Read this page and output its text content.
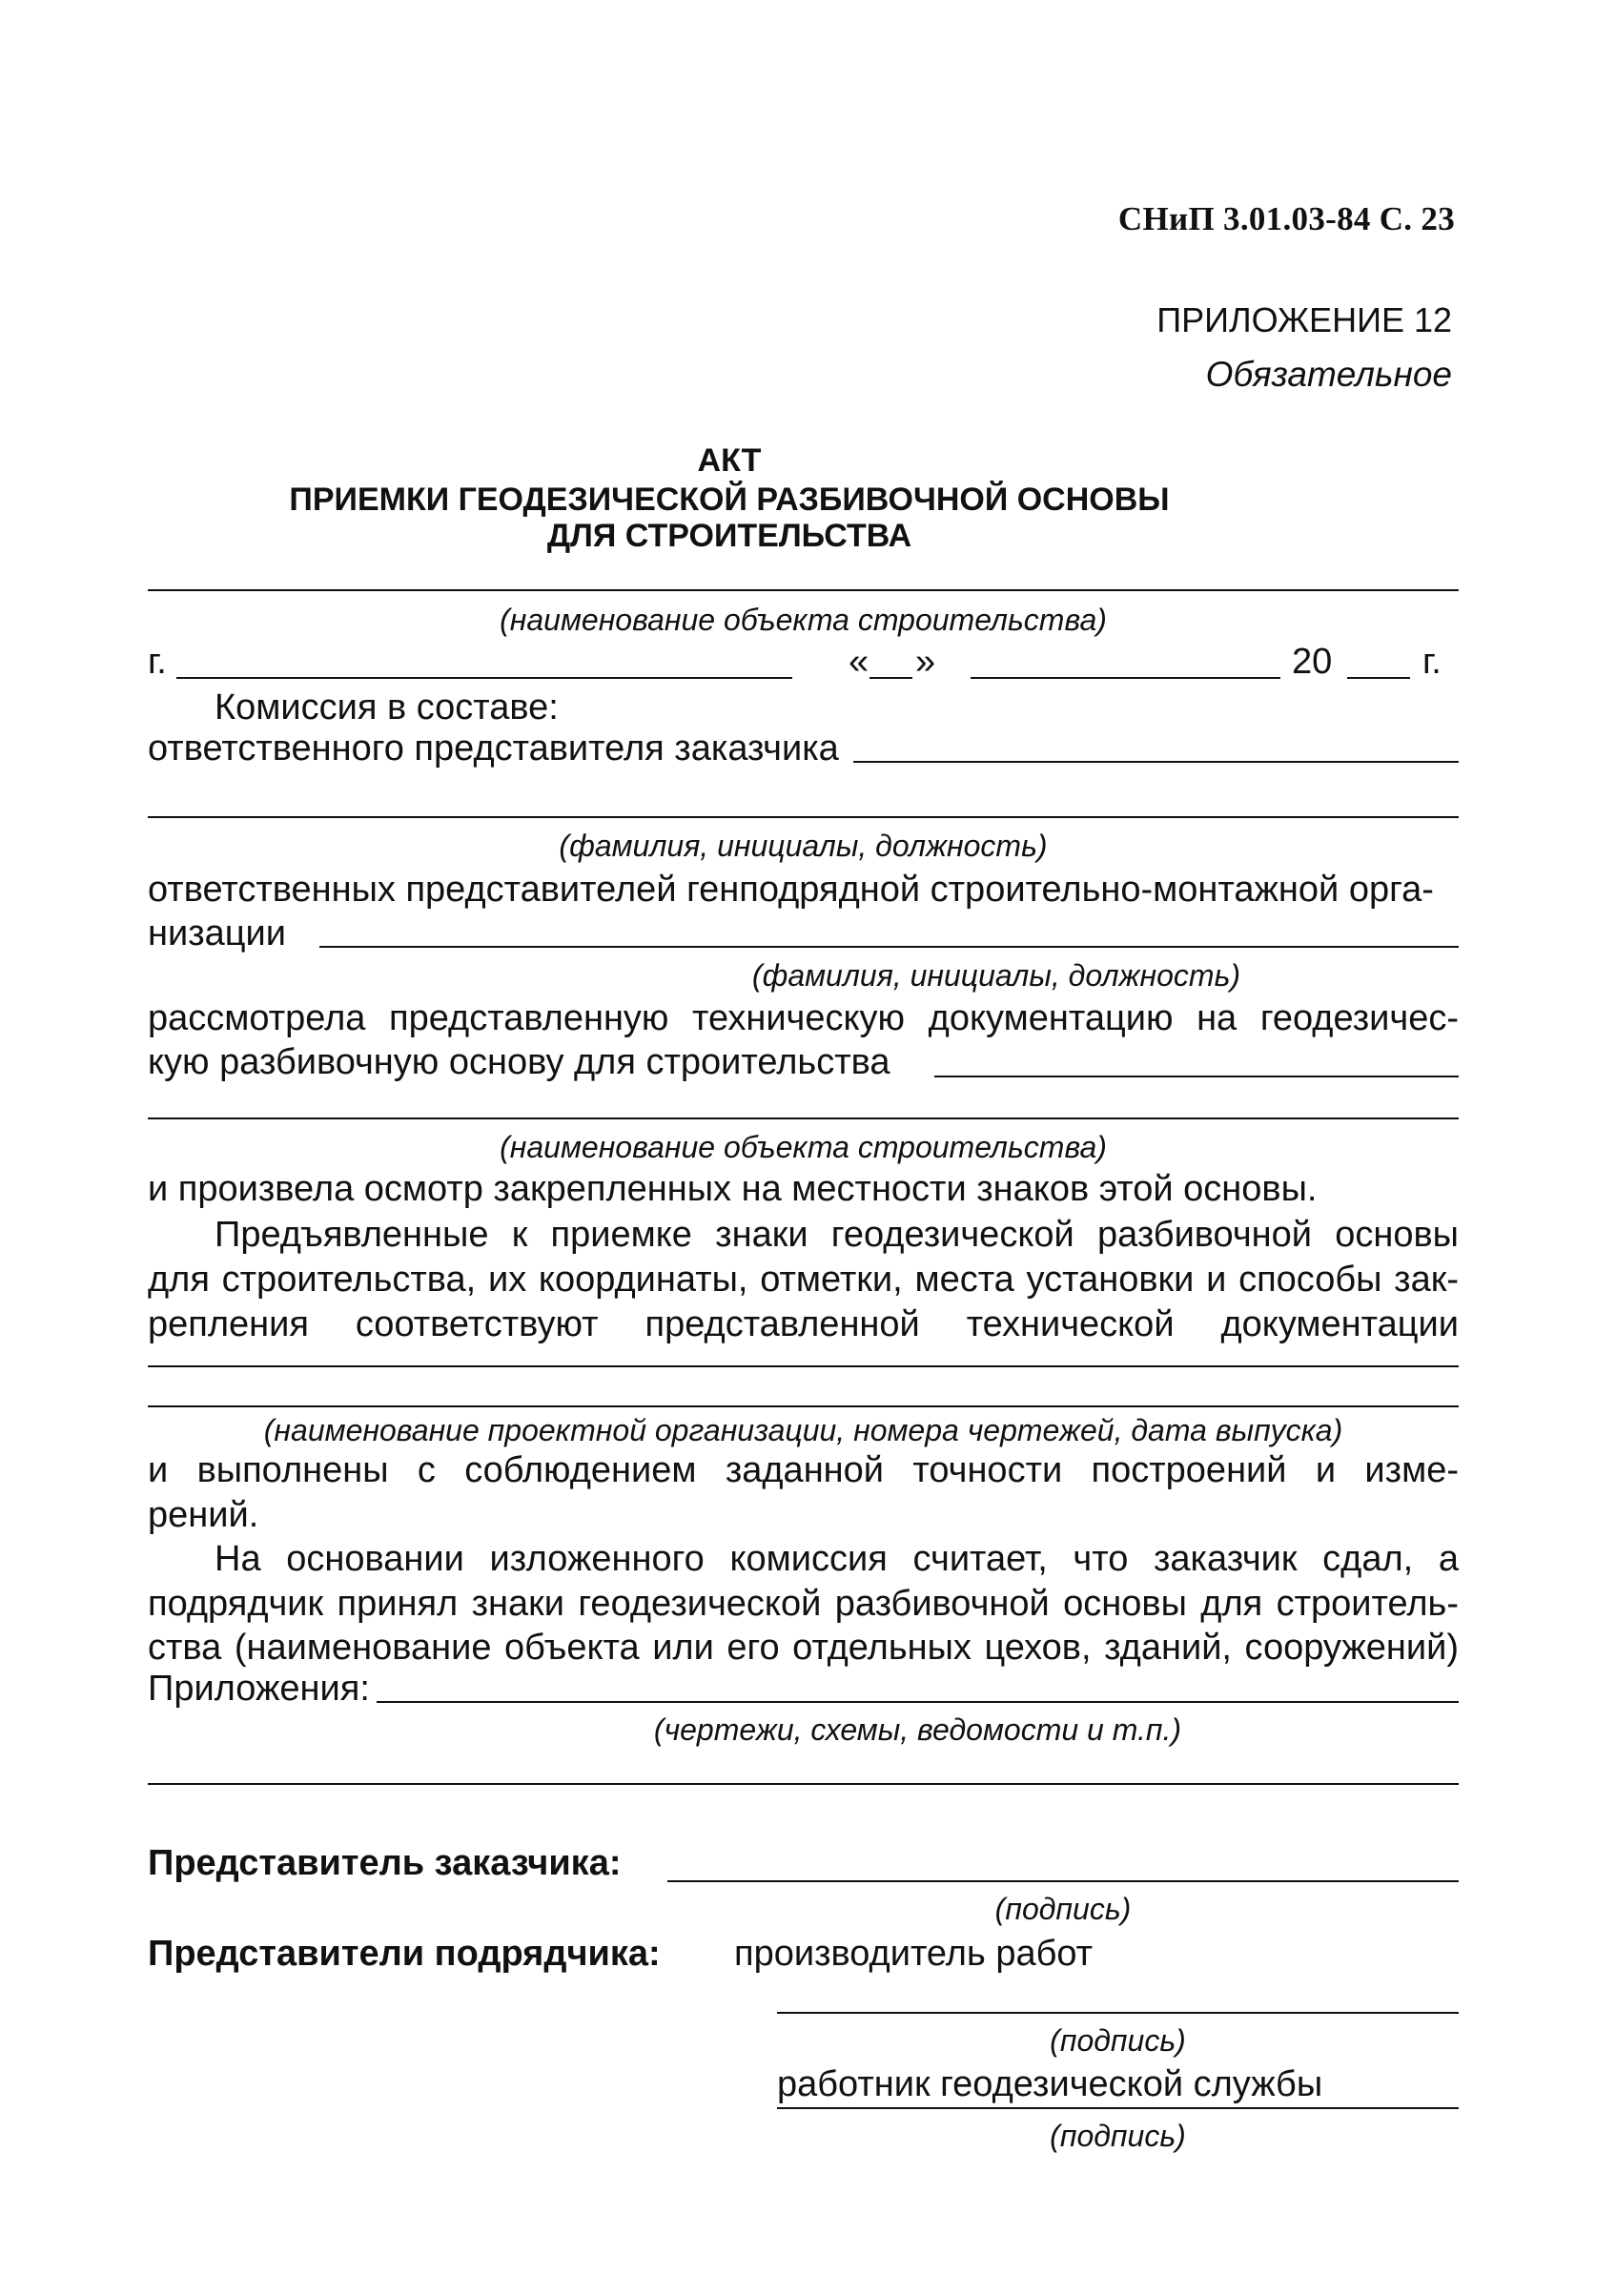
СНиП 3.01.03-84 С. 23

ПРИЛОЖЕНИЕ 12

Обязательное

АКТ

ПРИЕМКИ ГЕОДЕЗИЧЕСКОЙ РАЗБИВОЧНОЙ ОСНОВЫ

ДЛЯ СТРОИТЕЛЬСТВА

(наименование объекта строительства)

г.	« »	20 г.

Комиссия в составе:

ответственного представителя заказчика

(фамилия, инициалы, должность)

ответственных представителей генподрядной строительно-монтажной орга-

низации

(фамилия, инициалы, должность)

рассмотрела представленную техническую документацию на геодезичес-

кую разбивочную основу для строительства

(наименование объекта строительства)

и произвела осмотр закрепленных на местности знаков этой основы.

Предъявленные к приемке знаки геодезической разбивочной основы

для строительства, их координаты, отметки, места установки и способы зак-

репления соответствуют представленной технической документации

(наименование проектной организации, номера чертежей, дата выпуска)

и выполнены с соблюдением заданной точности построений и изме-

рений.

На основании изложенного комиссия считает, что заказчик сдал, а

подрядчик принял знаки геодезической разбивочной основы для строитель-

ства (наименование объекта или его отдельных цехов, зданий, сооружений)

Приложения:

(чертежи, схемы, ведомости и т.п.)

Представитель заказчика:

(подпись)

Представители подрядчика: производитель работ

(подпись)

работник геодезической службы

(подпись)
